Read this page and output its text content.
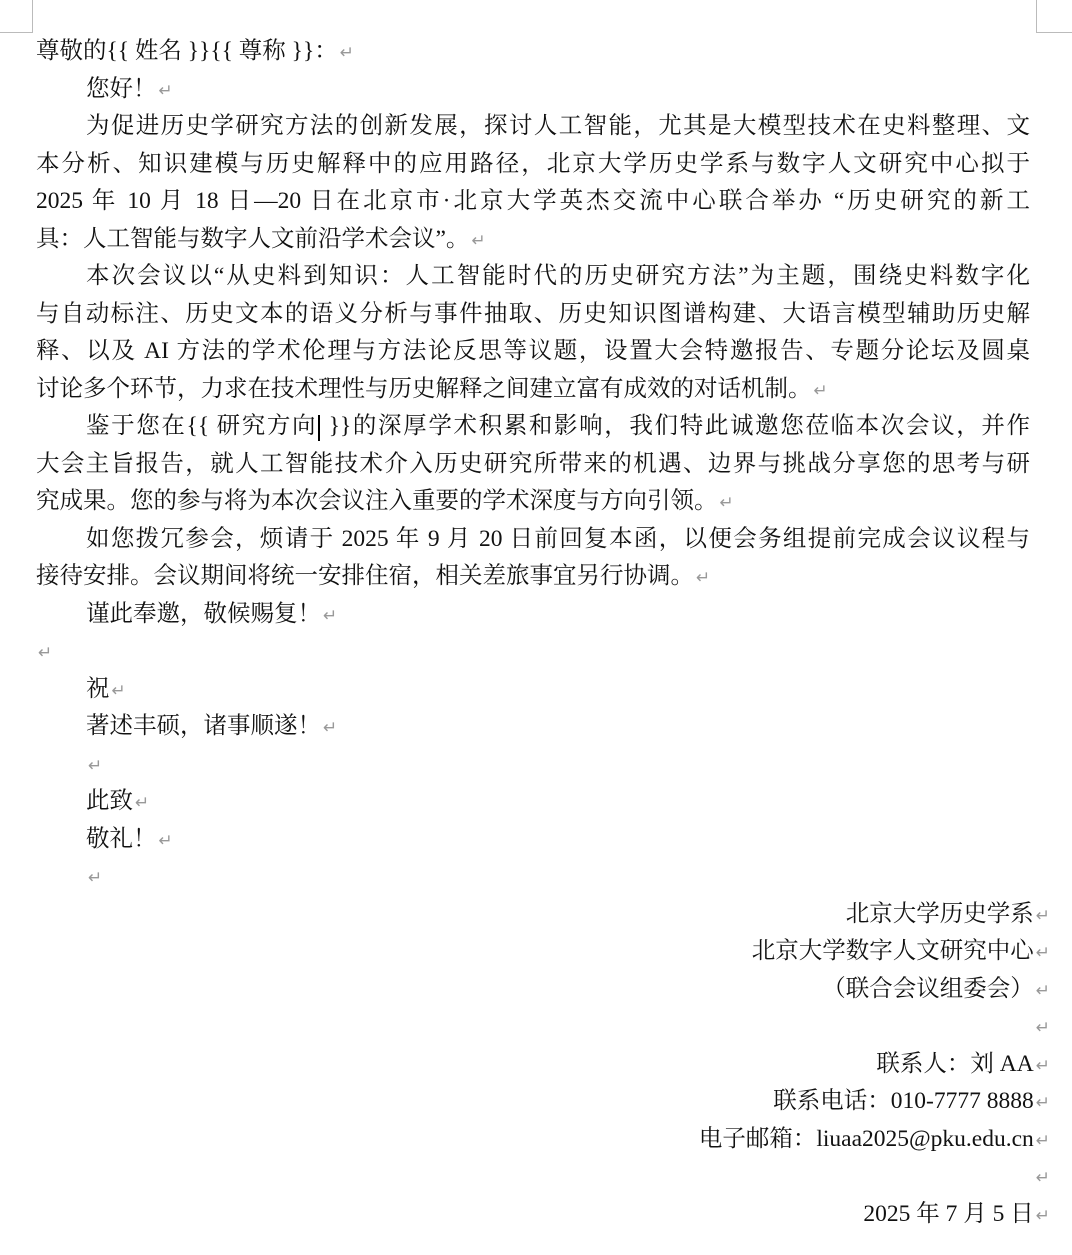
尊敬的{{ 姓名 }}{{ 尊称 }}： ↵
您好！ ↵
为促进历史学研究方法的创新发展，探讨人工智能，尤其是大模型技术在史料整理、文
本分析、知识建模与历史解释中的应用路径，北京大学历史学系与数字人文研究中心拟于
2025 年 10 月 18 日—20 日在北京市·北京大学英杰交流中心联合举办 “历史研究的新工
具：人工智能与数字人文前沿学术会议”。 ↵
本次会议以“从史料到知识：人工智能时代的历史研究方法”为主题，围绕史料数字化
与自动标注、历史文本的语义分析与事件抽取、历史知识图谱构建、大语言模型辅助历史解
释、以及 AI 方法的学术伦理与方法论反思等议题，设置大会特邀报告、专题分论坛及圆桌
讨论多个环节，力求在技术理性与历史解释之间建立富有成效的对话机制。 ↵
鉴于您在{{ 研究方向 }}的深厚学术积累和影响，我们特此诚邀您莅临本次会议，并作
大会主旨报告，就人工智能技术介入历史研究所带来的机遇、边界与挑战分享您的思考与研
究成果。您的参与将为本次会议注入重要的学术深度与方向引领。 ↵
如您拨冗参会，烦请于 2025 年 9 月 20 日前回复本函，以便会务组提前完成会议议程与
接待安排。会议期间将统一安排住宿，相关差旅事宜另行协调。 ↵
谨此奉邀，敬候赐复！ ↵
↵
祝 ↵
著述丰硕，诸事顺遂！ ↵
↵
此致 ↵
敬礼！ ↵
↵
北京大学历史学系 ↵
北京大学数字人文研究中心 ↵
（联合会议组委会） ↵
↵
联系人：刘 AA ↵
联系电话：010-7777 8888 ↵
电子邮箱：liuaa2025@pku.edu.cn ↵
↵
2025 年 7 月 5 日 ↵
